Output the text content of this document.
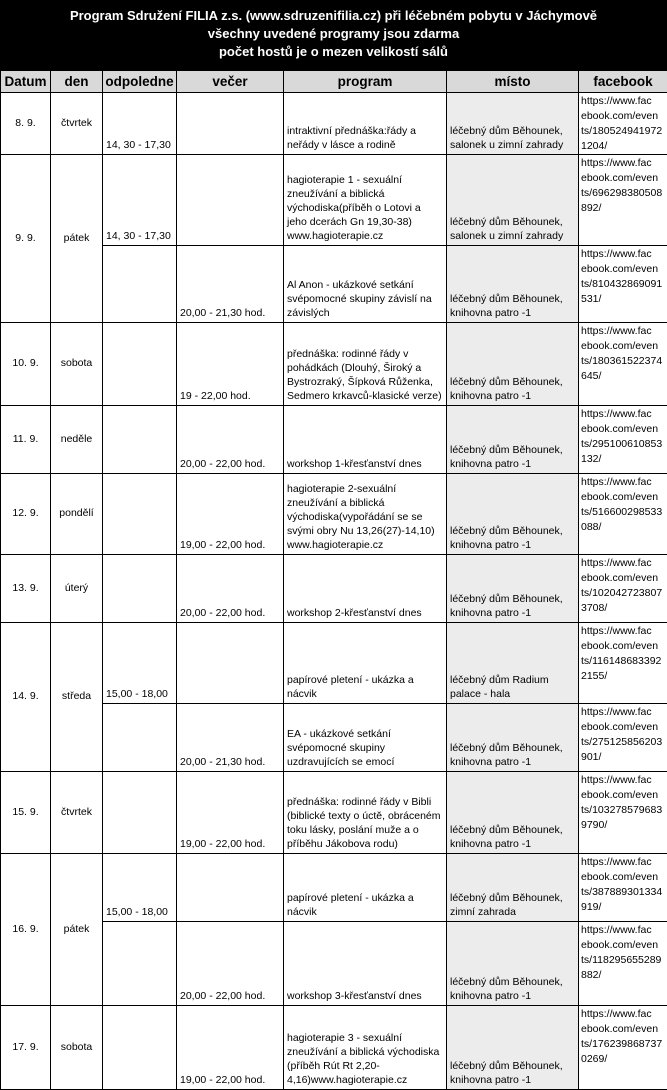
Program Sdružení FILIA z.s. (www.sdruzenifilia.cz) při léčebném pobytu v Jáchymově
všechny uvedené programy jsou zdarma
počet hostů je o mezen velikostí sálů
Datum	den	odpoledne	večer	program	místo	facebook
8. 9.	čtvrtek	14, 30 - 17,30		intraktivní přednáška:řády a neřády v lásce a rodině	léčebný dům Běhounek,
salonek u zimní zahrady	https://www.fac
ebook.com/even
ts/180524941972
1204/
9. 9.	pátek	14, 30 - 17,30		hagioterapie 1 - sexuální zneužívání a biblická východiska(příběh o Lotovi a jeho dcerách Gn 19,30-38) www.hagioterapie.cz	léčebný dům Běhounek,
salonek u zimní zahrady	https://www.fac
ebook.com/even
ts/696298380508
892/
			20,00 - 21,30 hod.	Al Anon - ukázkové setkání svépomocné skupiny závislí na závislých	léčebný dům Běhounek,
knihovna patro -1	https://www.fac
ebook.com/even
ts/810432869091
531/
10. 9.	sobota		19 - 22,00 hod.	přednáška: rodinné řády v pohádkách (Dlouhý, Široký a Bystrozraký, Šípková Růženka, Sedmero krkavců-klasické verze)	léčebný dům Běhounek,
knihovna patro -1	https://www.fac
ebook.com/even
ts/180361522374
645/
11. 9.	neděle		20,00 - 22,00 hod.	workshop 1-křesťanství dnes	léčebný dům Běhounek,
knihovna patro -1	https://www.fac
ebook.com/even
ts/295100610853
132/
12. 9.	pondělí		19,00 - 22,00 hod.	hagioterapie 2-sexuální zneužívání a biblická východiska(vypořádání se se svými obry Nu 13,26(27)-14,10) www.hagioterapie.cz	léčebný dům Běhounek,
knihovna patro -1	https://www.fac
ebook.com/even
ts/516600298533
088/
13. 9.	úterý		20,00 - 22,00 hod.	workshop 2-křesťanství dnes	léčebný dům Běhounek,
knihovna patro -1	https://www.fac
ebook.com/even
ts/102042723807
3708/
14. 9.	středa	15,00 - 18,00		papírové pletení - ukázka a nácvik	léčebný dům Radium
palace - hala	https://www.fac
ebook.com/even
ts/116148683392
2155/
			20,00 - 21,30 hod.	EA - ukázkové setkání svépomocné skupiny uzdravujících se emocí	léčebný dům Běhounek,
knihovna patro -1	https://www.fac
ebook.com/even
ts/275125856203
901/
15. 9.	čtvrtek		19,00 - 22,00 hod.	přednáška: rodinné řády v Bibli (biblické texty o úctě, obráceném toku lásky, poslání muže a o příběhu Jákobova rodu)	léčebný dům Běhounek,
knihovna patro -1	https://www.fac
ebook.com/even
ts/103278579683
9790/
16. 9.	pátek	15,00 - 18,00		papírové pletení - ukázka a nácvik	léčebný dům Běhounek,
zimní zahrada	https://www.fac
ebook.com/even
ts/387889301334
919/
			20,00 - 22,00 hod.	workshop 3-křesťanství dnes	léčebný dům Běhounek,
knihovna patro -1	https://www.fac
ebook.com/even
ts/118295655289
882/
17. 9.	sobota		19,00 - 22,00 hod.	hagioterapie 3 - sexuální zneužívání a biblická východiska (příběh Rút Rt 2,20- 4,16)www.hagioterapie.cz	léčebný dům Běhounek,
knihovna patro -1	https://www.fac
ebook.com/even
ts/176239868737
0269/
